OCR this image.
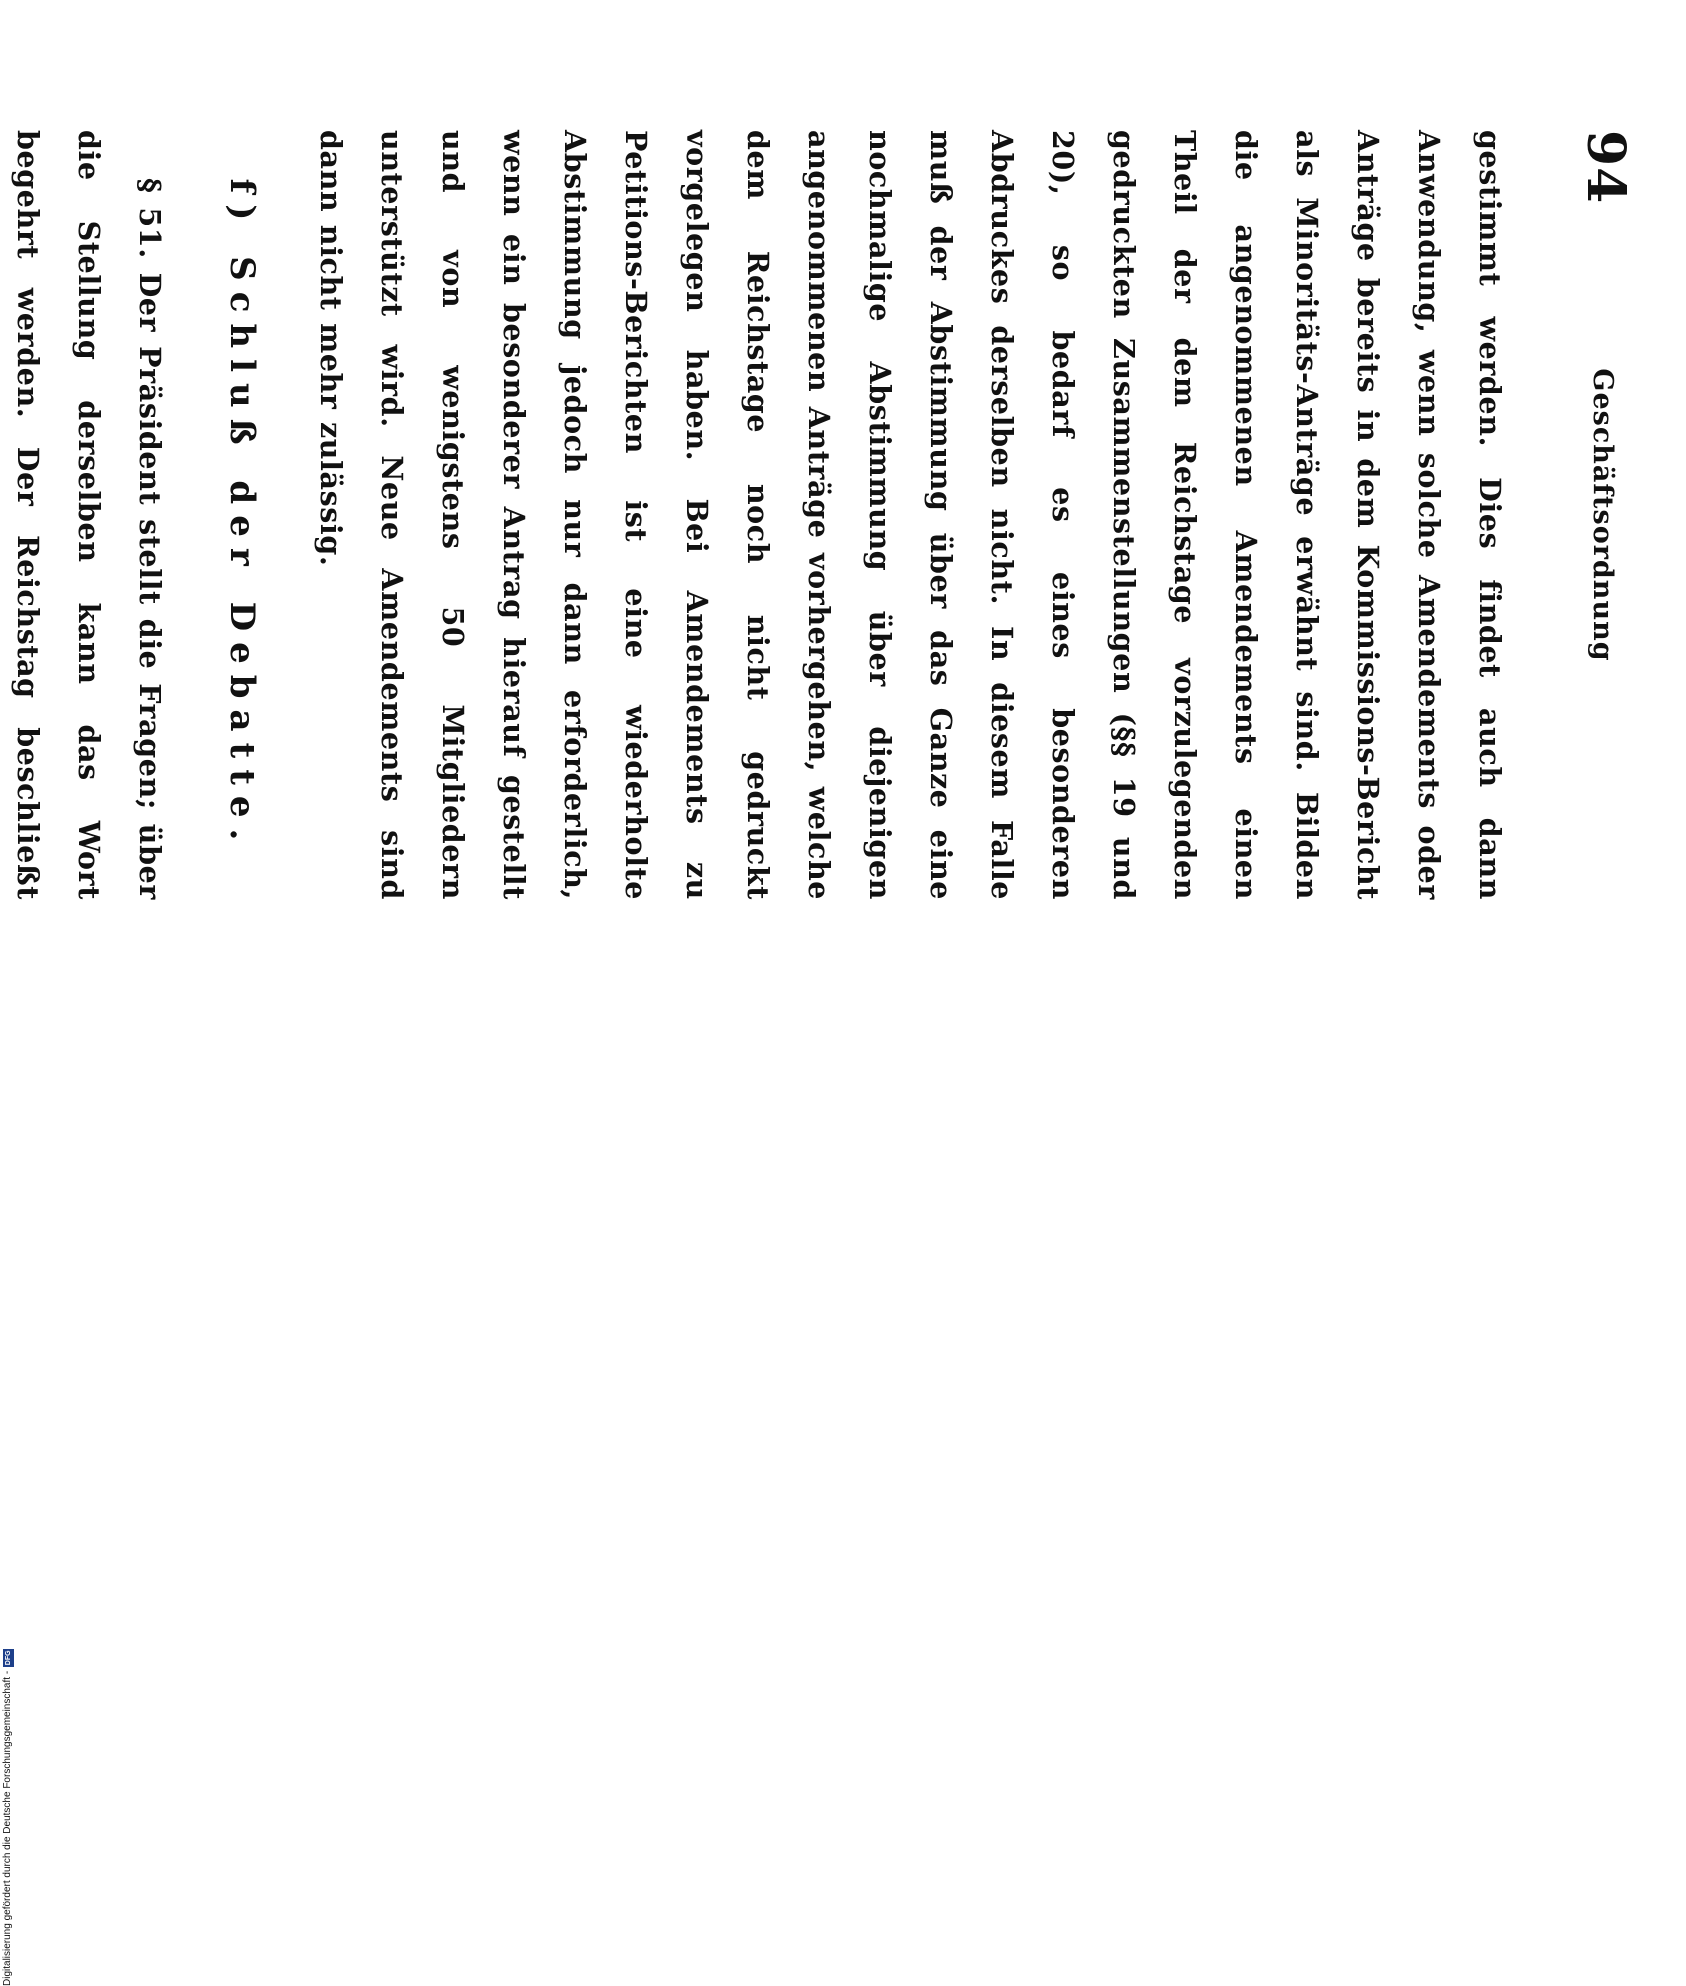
94
Geschäftsordnung

gestimmt werden. Dies findet auch dann Anwendung, wenn solche Amendements oder Anträge bereits in dem Kommissions-Bericht als Minoritäts-Anträge erwähnt sind. Bilden die angenommenen Amendements einen Theil der dem Reichstage vorzulegenden gedruckten Zusammenstellungen (§§ 19 und 20), so bedarf es eines besonderen Abdruckes derselben nicht. In diesem Falle muß der Abstimmung über das Ganze eine nochmalige Abstimmung über diejenigen angenommenen Anträge vorhergehen, welche dem Reichstage noch nicht gedruckt vorgelegen haben. Bei Amendements zu Petitions-Berichten ist eine wiederholte Abstimmung jedoch nur dann erforderlich, wenn ein besonderer Antrag hierauf gestellt und von wenigstens 50 Mitgliedern unterstützt wird. Neue Amendements sind dann nicht mehr zulässig.

f) Schluß der Debatte.

§ 51. Der Präsident stellt die Fragen; über die Stellung derselben kann das Wort begehrt werden. Der Reichstag beschließt

Digitalisierung gefördert durch die Deutsche Forschungsgemeinschaft -
DFG
